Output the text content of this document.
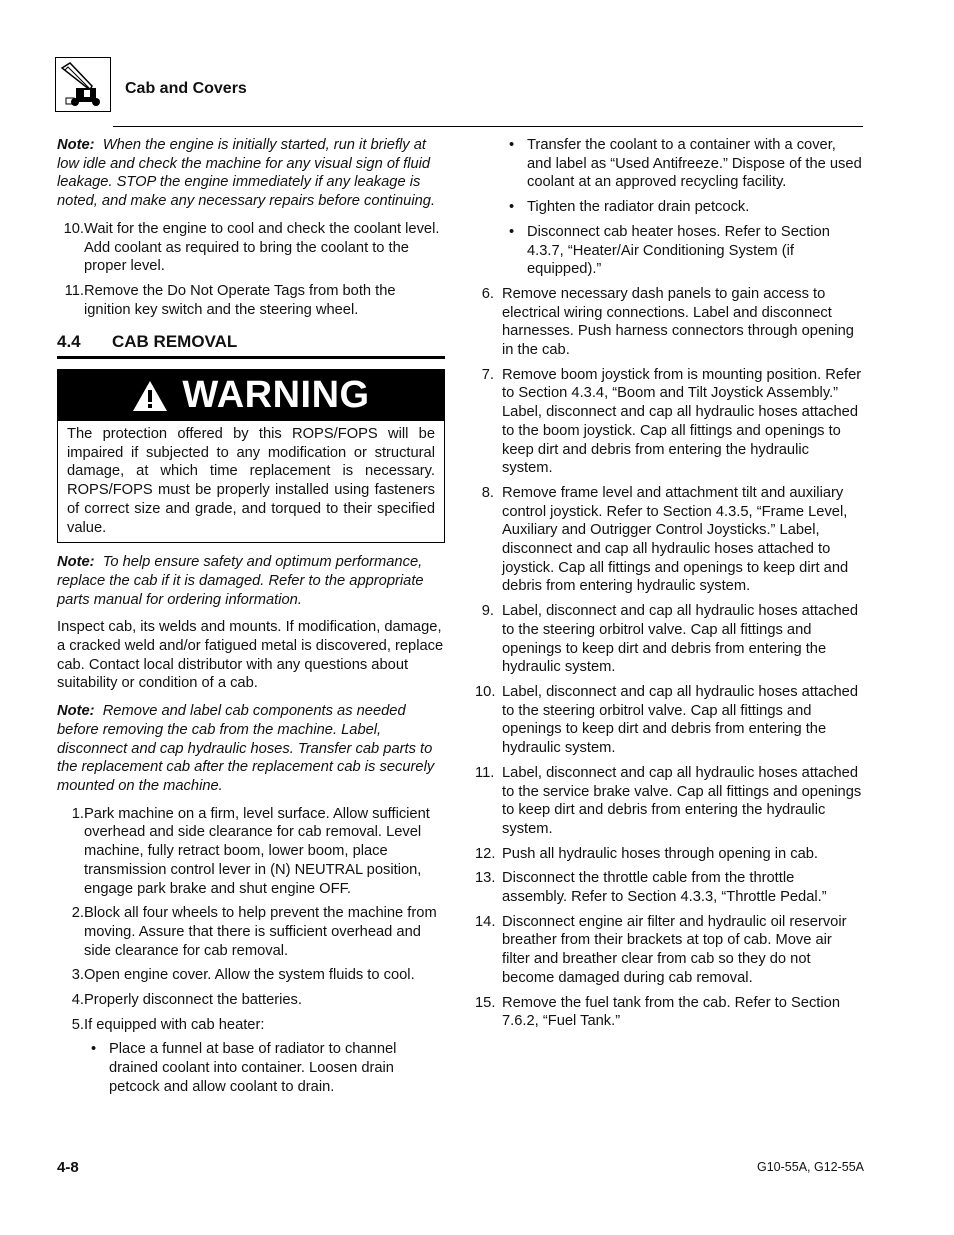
Cab and Covers

Note: When the engine is initially started, run it briefly at low idle and check the machine for any visual sign of fluid leakage. STOP the engine immediately if any leakage is noted, and make any necessary repairs before continuing.

10. Wait for the engine to cool and check the coolant level. Add coolant as required to bring the coolant to the proper level.
11. Remove the Do Not Operate Tags from both the ignition key switch and the steering wheel.
4.4	CAB REMOVAL
WARNING
The protection offered by this ROPS/FOPS will be impaired if subjected to any modification or structural damage, at which time replacement is necessary. ROPS/FOPS must be properly installed using fasteners of correct size and grade, and torqued to their specified value.

Note: To help ensure safety and optimum performance, replace the cab if it is damaged. Refer to the appropriate parts manual for ordering information.

Inspect cab, its welds and mounts. If modification, damage, a cracked weld and/or fatigued metal is discovered, replace cab. Contact local distributor with any questions about suitability or condition of a cab.

Note: Remove and label cab components as needed before removing the cab from the machine. Label, disconnect and cap hydraulic hoses. Transfer cab parts to the replacement cab after the replacement cab is securely mounted on the machine.

1. Park machine on a firm, level surface. Allow sufficient overhead and side clearance for cab removal. Level machine, fully retract boom, lower boom, place transmission control lever in (N) NEUTRAL position, engage park brake and shut engine OFF.
2. Block all four wheels to help prevent the machine from moving. Assure that there is sufficient overhead and side clearance for cab removal.
3. Open engine cover. Allow the system fluids to cool.
4. Properly disconnect the batteries.
5. If equipped with cab heater:
• Place a funnel at base of radiator to channel drained coolant into container. Loosen drain petcock and allow coolant to drain.
• Transfer the coolant to a container with a cover, and label as “Used Antifreeze.” Dispose of the used coolant at an approved recycling facility.
• Tighten the radiator drain petcock.
• Disconnect cab heater hoses. Refer to Section 4.3.7, “Heater/Air Conditioning System (if equipped).”
6. Remove necessary dash panels to gain access to electrical wiring connections. Label and disconnect harnesses. Push harness connectors through opening in the cab.
7. Remove boom joystick from is mounting position. Refer to Section 4.3.4, “Boom and Tilt Joystick Assembly.” Label, disconnect and cap all hydraulic hoses attached to the boom joystick. Cap all fittings and openings to keep dirt and debris from entering the hydraulic system.
8. Remove frame level and attachment tilt and auxiliary control joystick. Refer to Section 4.3.5, “Frame Level, Auxiliary and Outrigger Control Joysticks.” Label, disconnect and cap all hydraulic hoses attached to joystick. Cap all fittings and openings to keep dirt and debris from entering hydraulic system.
9. Label, disconnect and cap all hydraulic hoses attached to the steering orbitrol valve. Cap all fittings and openings to keep dirt and debris from entering the hydraulic system.
10. Label, disconnect and cap all hydraulic hoses attached to the steering orbitrol valve. Cap all fittings and openings to keep dirt and debris from entering the hydraulic system.
11. Label, disconnect and cap all hydraulic hoses attached to the service brake valve. Cap all fittings and openings to keep dirt and debris from entering the hydraulic system.
12. Push all hydraulic hoses through opening in cab.
13. Disconnect the throttle cable from the throttle assembly. Refer to Section 4.3.3, “Throttle Pedal.”
14. Disconnect engine air filter and hydraulic oil reservoir breather from their brackets at top of cab. Move air filter and breather clear from cab so they do not become damaged during cab removal.
15. Remove the fuel tank from the cab. Refer to Section 7.6.2, “Fuel Tank.”
4-8	G10-55A, G12-55A
